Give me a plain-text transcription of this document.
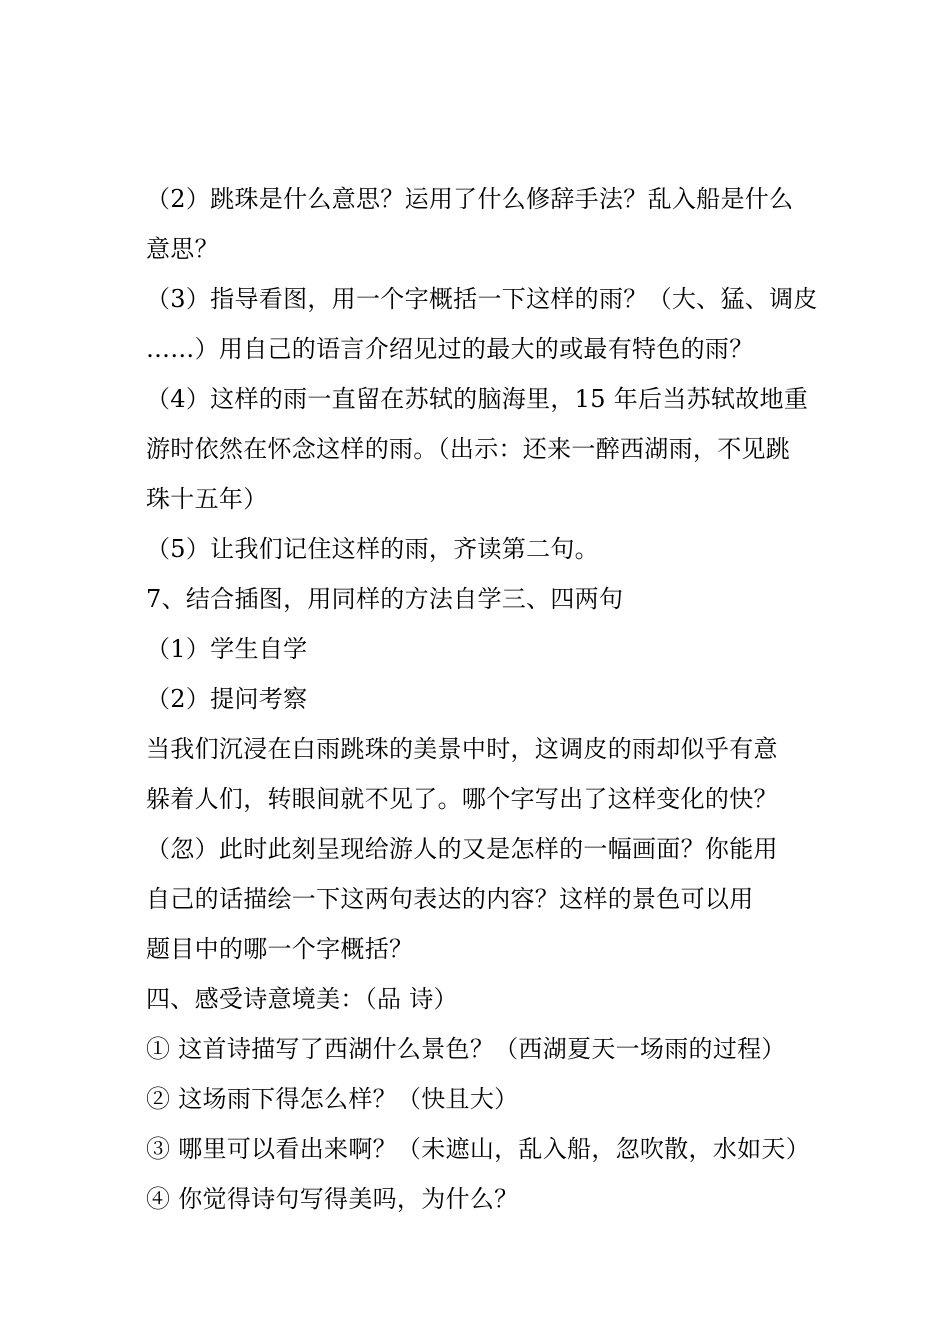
（2）跳珠是什么意思？运用了什么修辞手法？乱入船是什么
意思？
（3）指导看图，用一个字概括一下这样的雨？（大、猛、调皮
……）用自己的语言介绍见过的最大的或最有特色的雨？
（4）这样的雨一直留在苏轼的脑海里，15 年后当苏轼故地重
游时依然在怀念这样的雨。（出示：还来一醉西湖雨，不见跳
珠十五年）
（5）让我们记住这样的雨，齐读第二句。
7、结合插图，用同样的方法自学三、四两句
（1）学生自学
（2）提问考察
当我们沉浸在白雨跳珠的美景中时，这调皮的雨却似乎有意
躲着人们，转眼间就不见了。哪个字写出了这样变化的快？
（忽）此时此刻呈现给游人的又是怎样的一幅画面？你能用
自己的话描绘一下这两句表达的内容？这样的景色可以用
题目中的哪一个字概括？
四、感受诗意境美：（品 诗）
① 这首诗描写了西湖什么景色？（西湖夏天一场雨的过程）
② 这场雨下得怎么样？（快且大）
③ 哪里可以看出来啊？（未遮山，乱入船，忽吹散，水如天）
④ 你觉得诗句写得美吗，为什么？
